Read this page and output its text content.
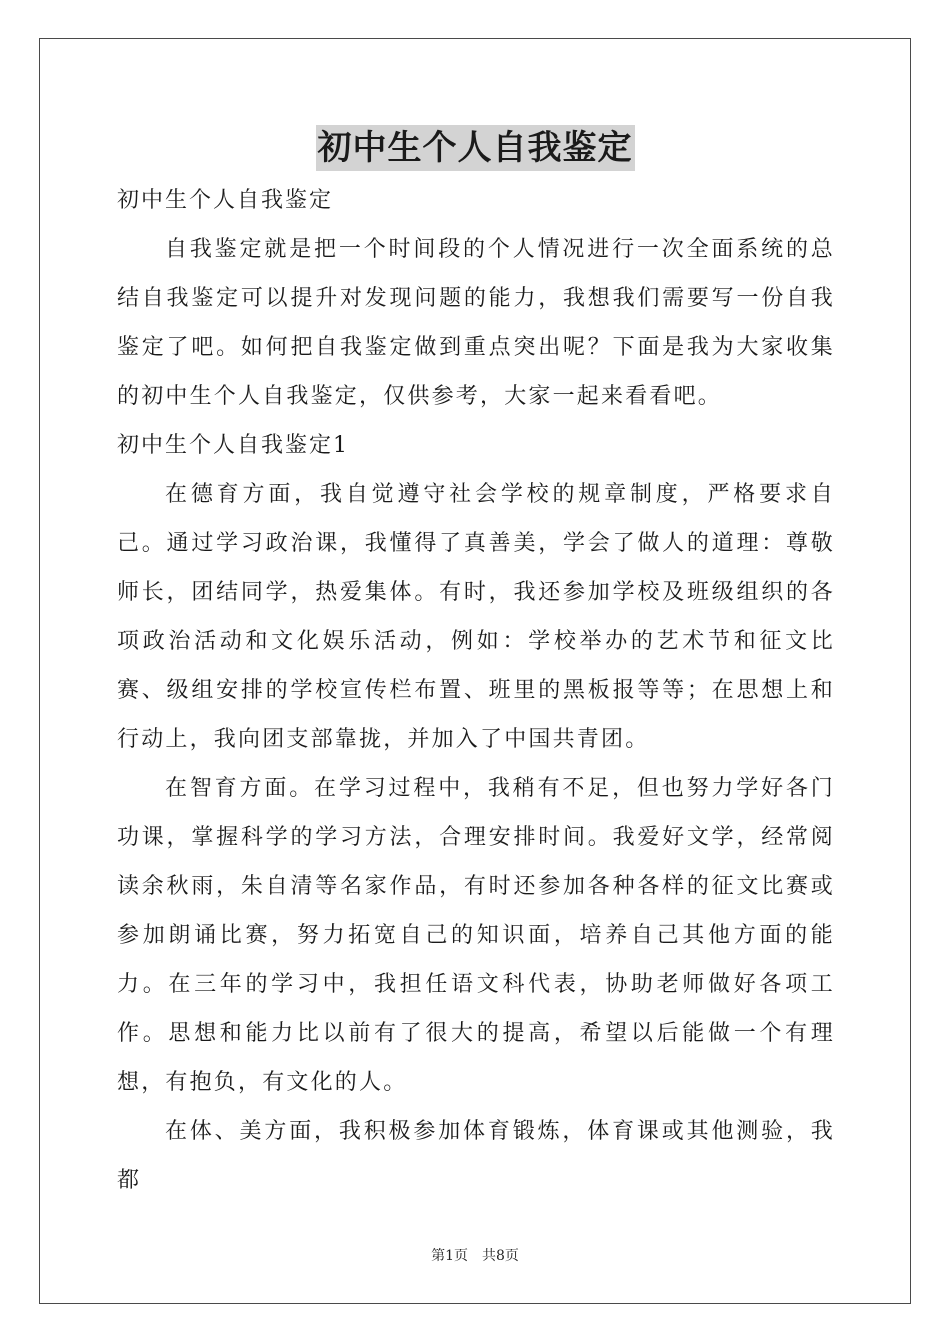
初中生个人自我鉴定

初中生个人自我鉴定

自我鉴定就是把一个时间段的个人情况进行一次全面系统的总结自我鉴定可以提升对发现问题的能力，我想我们需要写一份自我鉴定了吧。如何把自我鉴定做到重点突出呢？下面是我为大家收集的初中生个人自我鉴定，仅供参考，大家一起来看看吧。

初中生个人自我鉴定1

在德育方面，我自觉遵守社会学校的规章制度，严格要求自己。通过学习政治课，我懂得了真善美，学会了做人的道理：尊敬师长，团结同学，热爱集体。有时，我还参加学校及班级组织的各项政治活动和文化娱乐活动，例如：学校举办的艺术节和征文比赛、级组安排的学校宣传栏布置、班里的黑板报等等；在思想上和行动上，我向团支部靠拢，并加入了中国共青团。

在智育方面。在学习过程中，我稍有不足，但也努力学好各门功课，掌握科学的学习方法，合理安排时间。我爱好文学，经常阅读余秋雨，朱自清等名家作品，有时还参加各种各样的征文比赛或参加朗诵比赛，努力拓宽自己的知识面，培养自己其他方面的能力。在三年的学习中，我担任语文科代表，协助老师做好各项工作。思想和能力比以前有了很大的提高，希望以后能做一个有理想，有抱负，有文化的人。

在体、美方面，我积极参加体育锻炼，体育课或其他测验，我都

第1页　共8页
